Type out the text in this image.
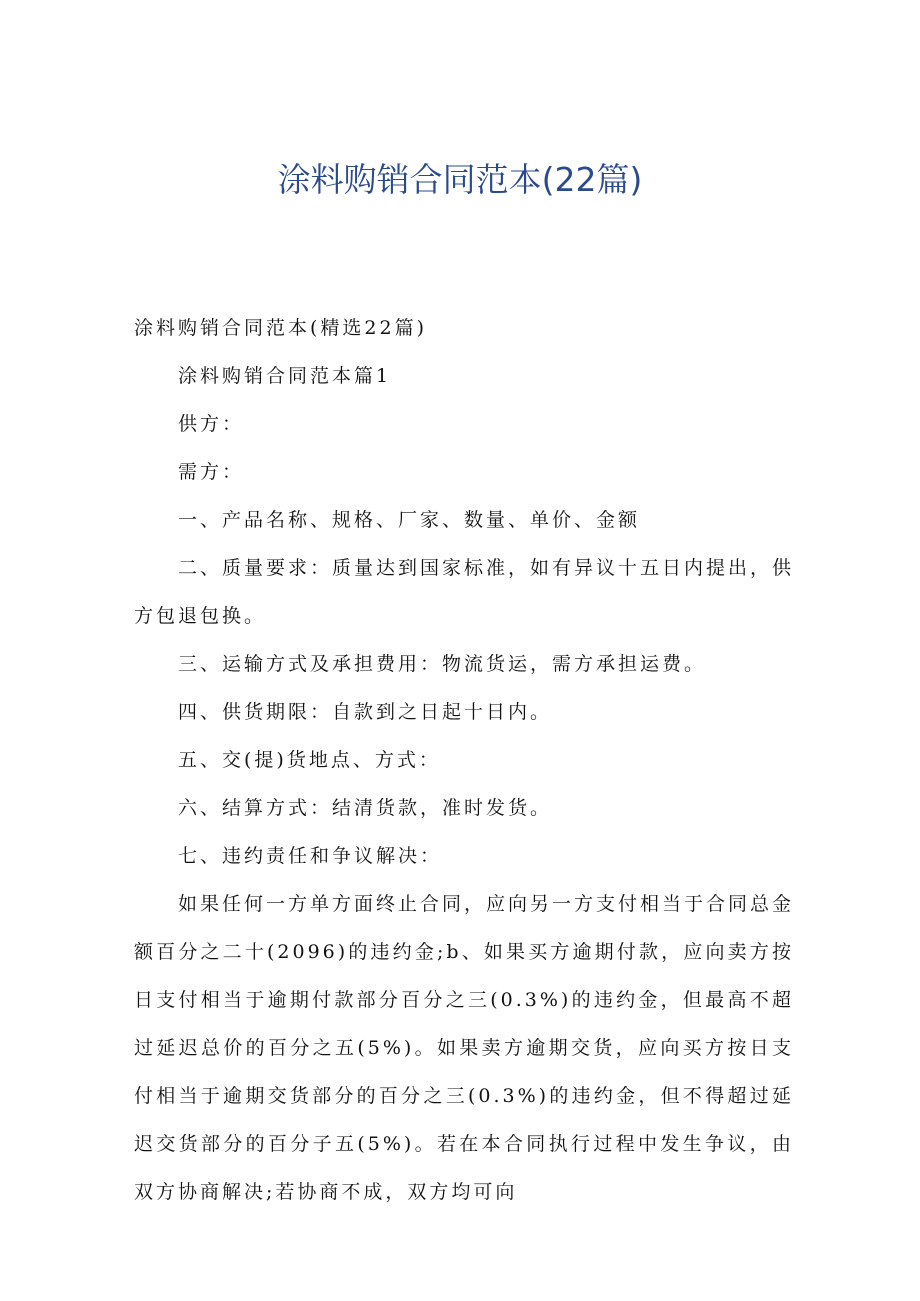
涂料购销合同范本(22篇)

涂料购销合同范本(精选22篇)

涂料购销合同范本篇1

供方：

需方：

一、产品名称、规格、厂家、数量、单价、金额

二、质量要求：质量达到国家标准，如有异议十五日内提出，供方包退包换。

三、运输方式及承担费用：物流货运，需方承担运费。

四、供货期限：自款到之日起十日内。

五、交(提)货地点、方式：

六、结算方式：结清货款，准时发货。

七、违约责任和争议解决：

如果任何一方单方面终止合同，应向另一方支付相当于合同总金额百分之二十(2096)的违约金;b、如果买方逾期付款，应向卖方按日支付相当于逾期付款部分百分之三(0.3%)的违约金，但最高不超过延迟总价的百分之五(5%)。如果卖方逾期交货，应向买方按日支付相当于逾期交货部分的百分之三(0.3%)的违约金，但不得超过延迟交货部分的百分子五(5%)。若在本合同执行过程中发生争议，由双方协商解决;若协商不成，双方均可向
